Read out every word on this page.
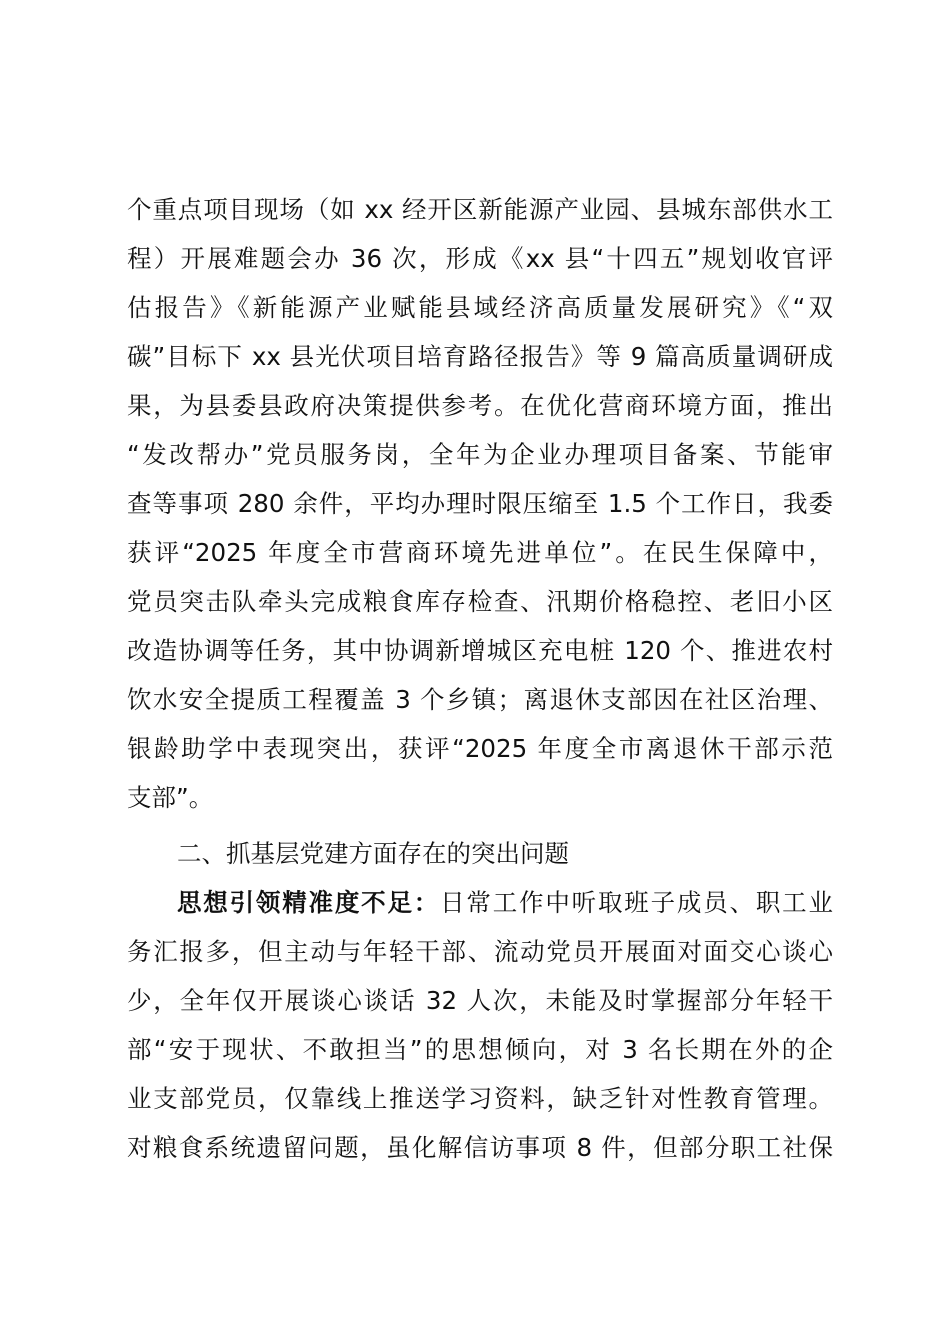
个重点项目现场（如 xx 经开区新能源产业园、县城东部供水工
程）开展难题会办 36 次，形成《xx 县“十四五”规划收官评
估报告》《新能源产业赋能县域经济高质量发展研究》《“双
碳”目标下 xx 县光伏项目培育路径报告》等 9 篇高质量调研成
果，为县委县政府决策提供参考。在优化营商环境方面，推出
“发改帮办”党员服务岗，全年为企业办理项目备案、节能审
查等事项 280 余件，平均办理时限压缩至 1.5 个工作日，我委
获评“2025 年度全市营商环境先进单位”。在民生保障中，
党员突击队牵头完成粮食库存检查、汛期价格稳控、老旧小区
改造协调等任务，其中协调新增城区充电桩 120 个、推进农村
饮水安全提质工程覆盖 3 个乡镇；离退休支部因在社区治理、
银龄助学中表现突出，获评“2025 年度全市离退休干部示范
支部”。
二、抓基层党建方面存在的突出问题
思想引领精准度不足：日常工作中听取班子成员、职工业
务汇报多，但主动与年轻干部、流动党员开展面对面交心谈心
少，全年仅开展谈心谈话 32 人次，未能及时掌握部分年轻干
部“安于现状、不敢担当”的思想倾向，对 3 名长期在外的企
业支部党员，仅靠线上推送学习资料，缺乏针对性教育管理。
对粮食系统遗留问题，虽化解信访事项 8 件，但部分职工社保
